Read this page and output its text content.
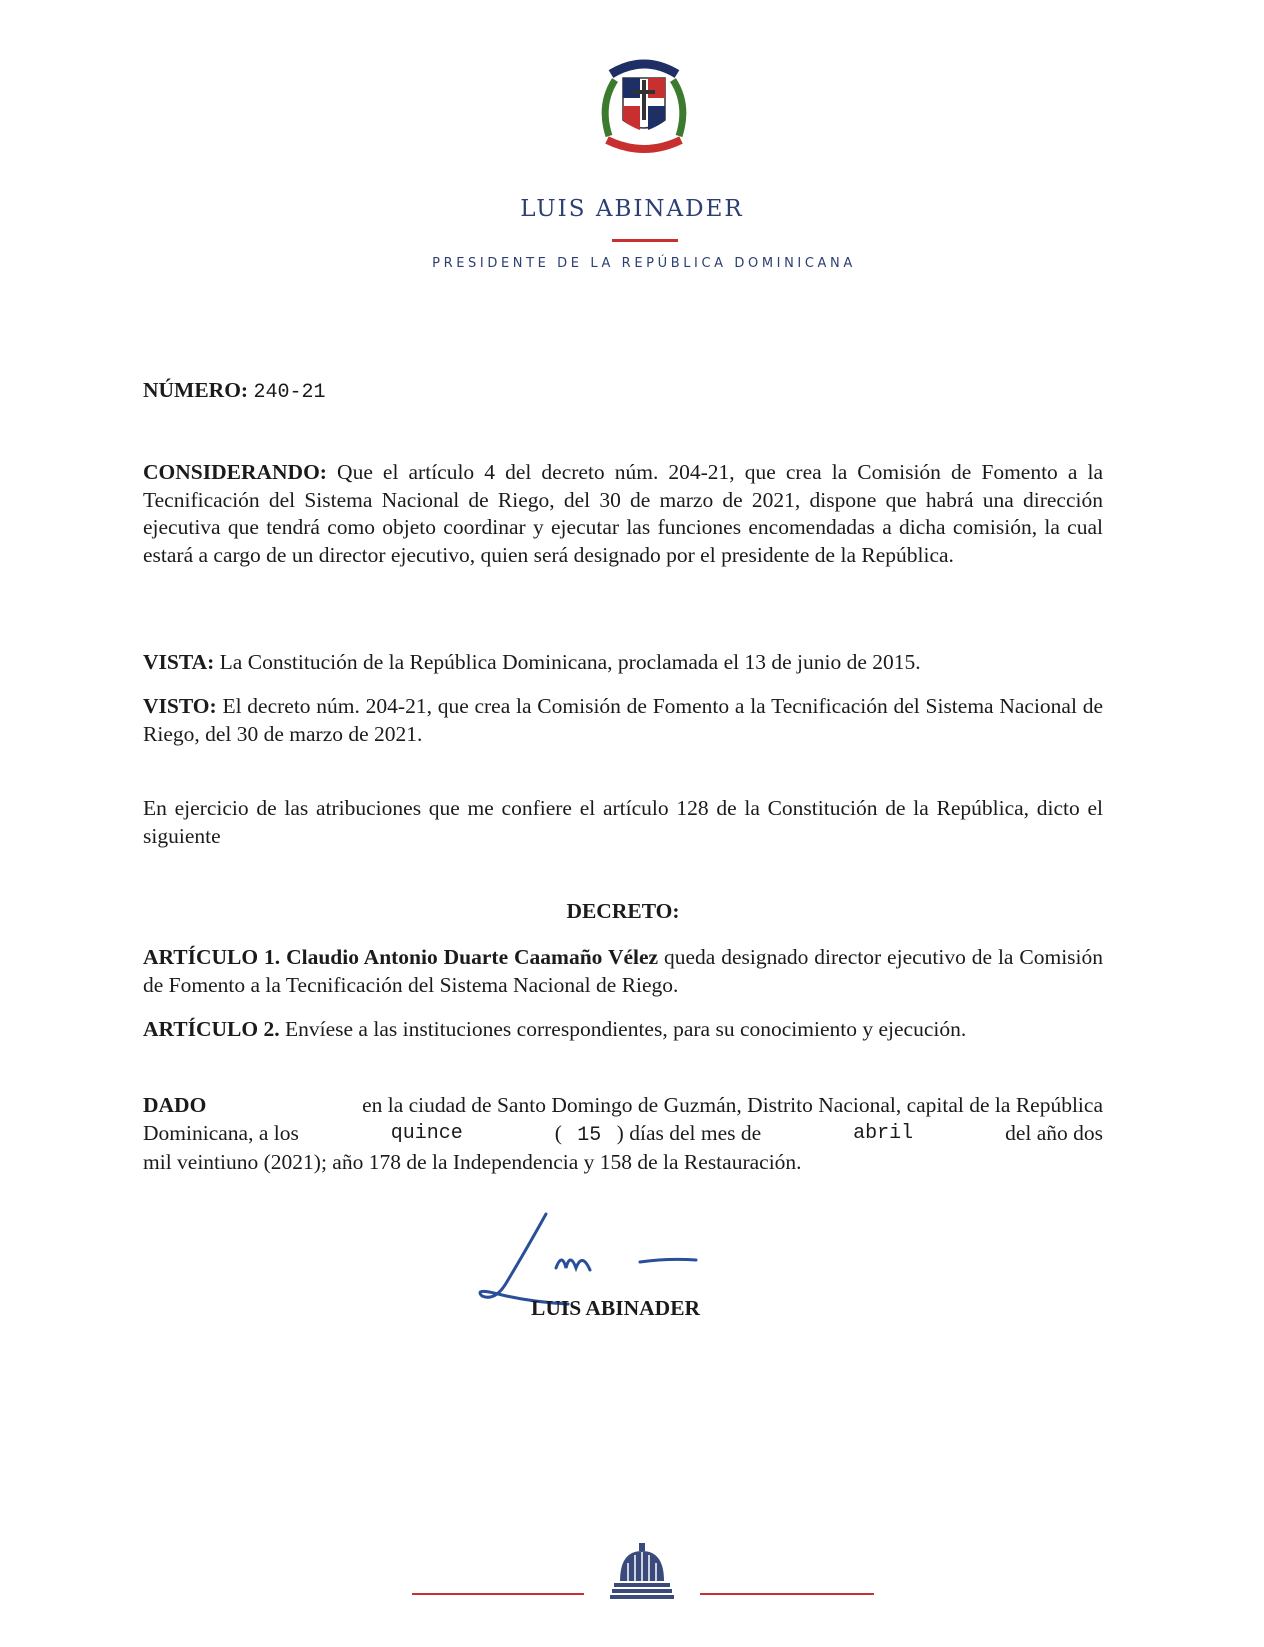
LUIS ABINADER
PRESIDENTE DE LA REPÚBLICA DOMINICANA
NÚMERO: 240-21
CONSIDERANDO: Que el artículo 4 del decreto núm. 204-21, que crea la Comisión de Fomento a la Tecnificación del Sistema Nacional de Riego, del 30 de marzo de 2021, dispone que habrá una dirección ejecutiva que tendrá como objeto coordinar y ejecutar las funciones encomendadas a dicha comisión, la cual estará a cargo de un director ejecutivo, quien será designado por el presidente de la República.
VISTA: La Constitución de la República Dominicana, proclamada el 13 de junio de 2015.
VISTO: El decreto núm. 204-21, que crea la Comisión de Fomento a la Tecnificación del Sistema Nacional de Riego, del 30 de marzo de 2021.
En ejercicio de las atribuciones que me confiere el artículo 128 de la Constitución de la República, dicto el siguiente
DECRETO:
ARTÍCULO 1. Claudio Antonio Duarte Caamaño Vélez queda designado director ejecutivo de la Comisión de Fomento a la Tecnificación del Sistema Nacional de Riego.
ARTÍCULO 2. Envíese a las instituciones correspondientes, para su conocimiento y ejecución.
DADO	en la ciudad de Santo Domingo de Guzmán, Distrito Nacional, capital de la República
Dominicana, a los	quince	( 15 ) días del mes de	abril	del año dos
mil veintiuno (2021); año 178 de la Independencia y 158 de la Restauración.
LUIS ABINADER
